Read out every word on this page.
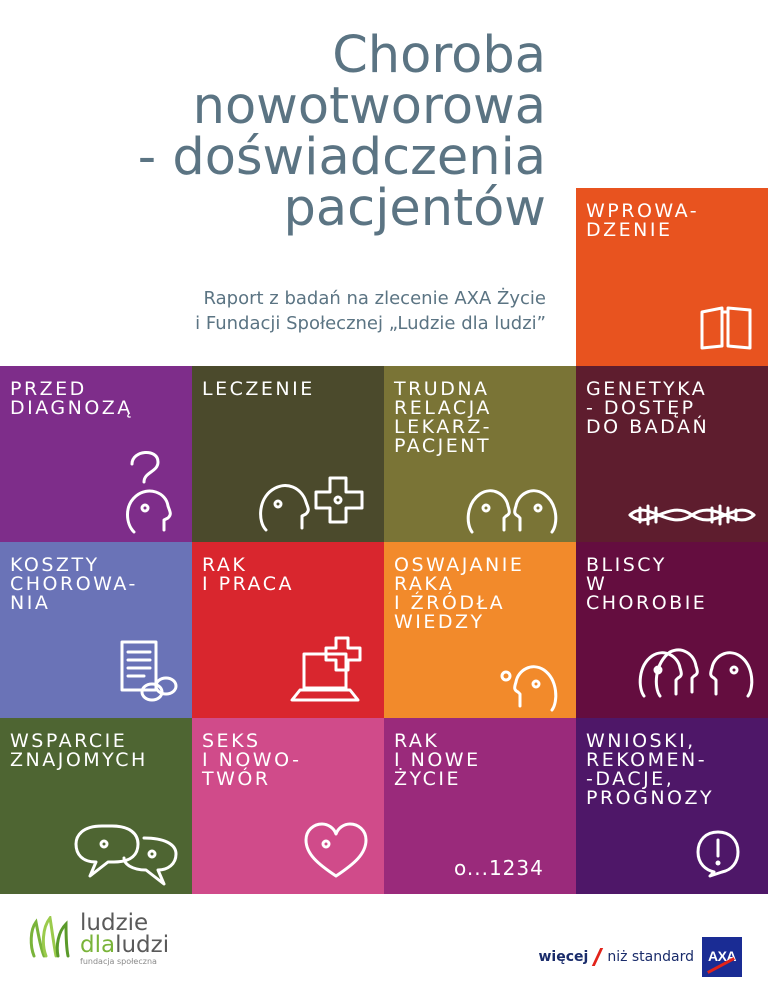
Choroba
nowotworowa
- doświadczenia
pacjentów
Raport z badań na zlecenie AXA Życie
i Fundacji Społecznej „Ludzie dla ludzi”
WPROWA-
DZENIE
PRZED
DIAGNOZĄ
LECZENIE	TRUDNA
RELACJA
LEKARZ-
PACJENT
GENETYKA
- DOSTĘP
DO BADAŃ
KOSZTY
CHOROWA-
NIA
RAK
I PRACA
OSWAJANIE
RAKA
I ŹRÓDŁA
WIEDZY
BLISCY
W
CHOROBIE
WSPARCIE
ZNAJOMYCH
SEKS
I NOWO-
TWÓR
RAK
I NOWE
ŻYCIE
o...1234
WNIOSKI,
REKOMEN-
-DACJE,
PROGNOZY
ludzie
dlaludzi
fundacja społeczna	więcej niż standard AXA
